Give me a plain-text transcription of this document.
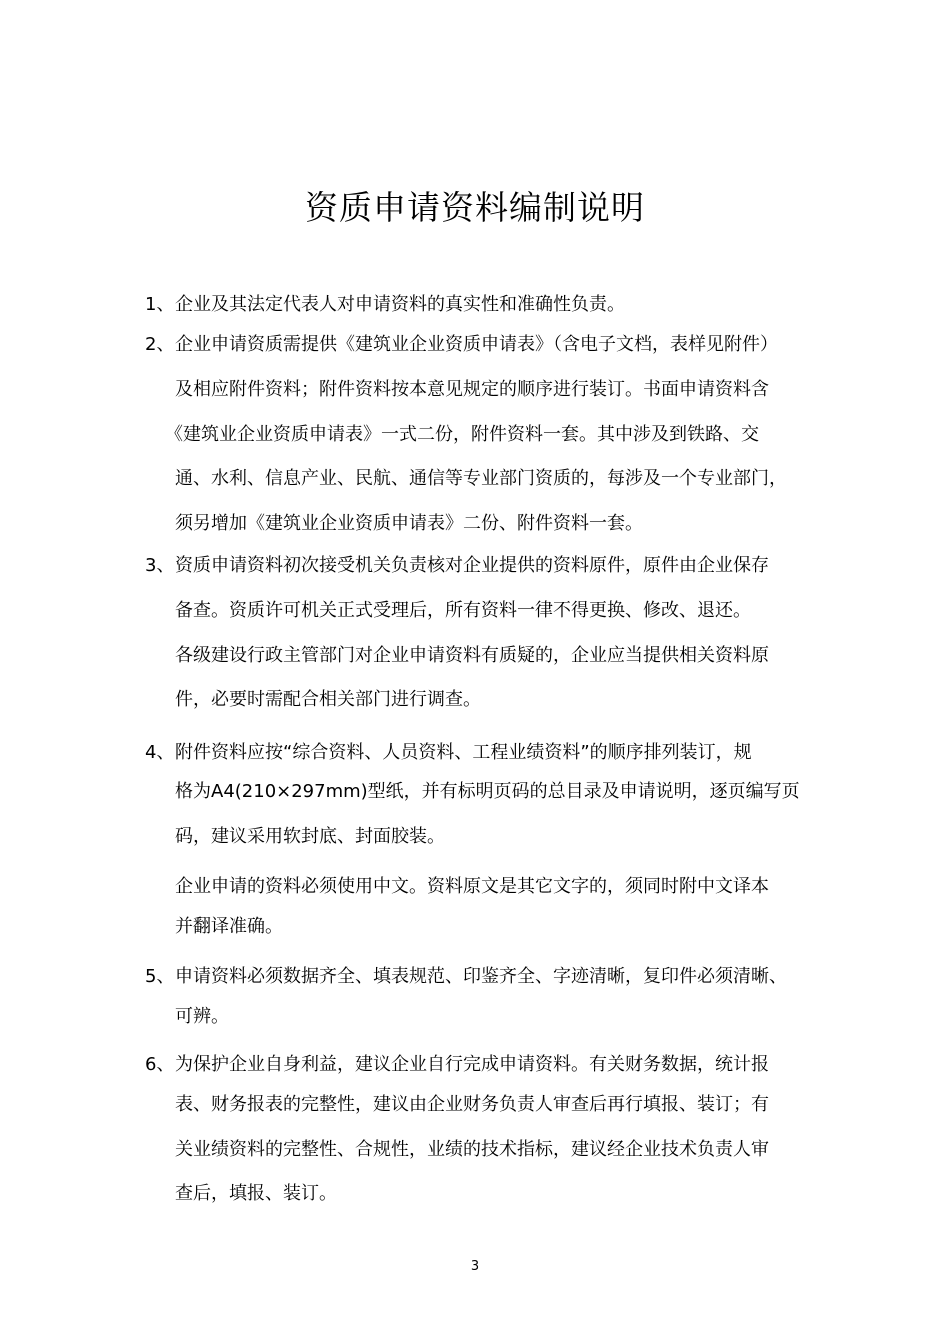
资质申请资料编制说明
1、 企业及其法定代表人对申请资料的真实性和准确性负责。
2、 企业申请资质需提供《建筑业企业资质申请表》（含电子文档，表样见附件）
及相应附件资料；附件资料按本意见规定的顺序进行装订。书面申请资料含
《建筑业企业资质申请表》一式二份，附件资料一套。其中涉及到铁路、交
通、水利、信息产业、民航、通信等专业部门资质的，每涉及一个专业部门，
须另增加《建筑业企业资质申请表》二份、附件资料一套。
3、 资质申请资料初次接受机关负责核对企业提供的资料原件，原件由企业保存
备查。资质许可机关正式受理后，所有资料一律不得更换、修改、退还。
各级建设行政主管部门对企业申请资料有质疑的，企业应当提供相关资料原
件，必要时需配合相关部门进行调查。
4、 附件资料应按“综合资料、人员资料、工程业绩资料”的顺序排列装订，规
格为A4(210×297mm)型纸，并有标明页码的总目录及申请说明，逐页编写页
码，建议采用软封底、封面胶装。
企业申请的资料必须使用中文。资料原文是其它文字的，须同时附中文译本
并翻译准确。
5、 申请资料必须数据齐全、填表规范、印鉴齐全、字迹清晰，复印件必须清晰、
可辨。
6、 为保护企业自身利益，建议企业自行完成申请资料。有关财务数据，统计报
表、财务报表的完整性，建议由企业财务负责人审查后再行填报、装订；有
关业绩资料的完整性、合规性，业绩的技术指标，建议经企业技术负责人审
查后，填报、装订。
3
